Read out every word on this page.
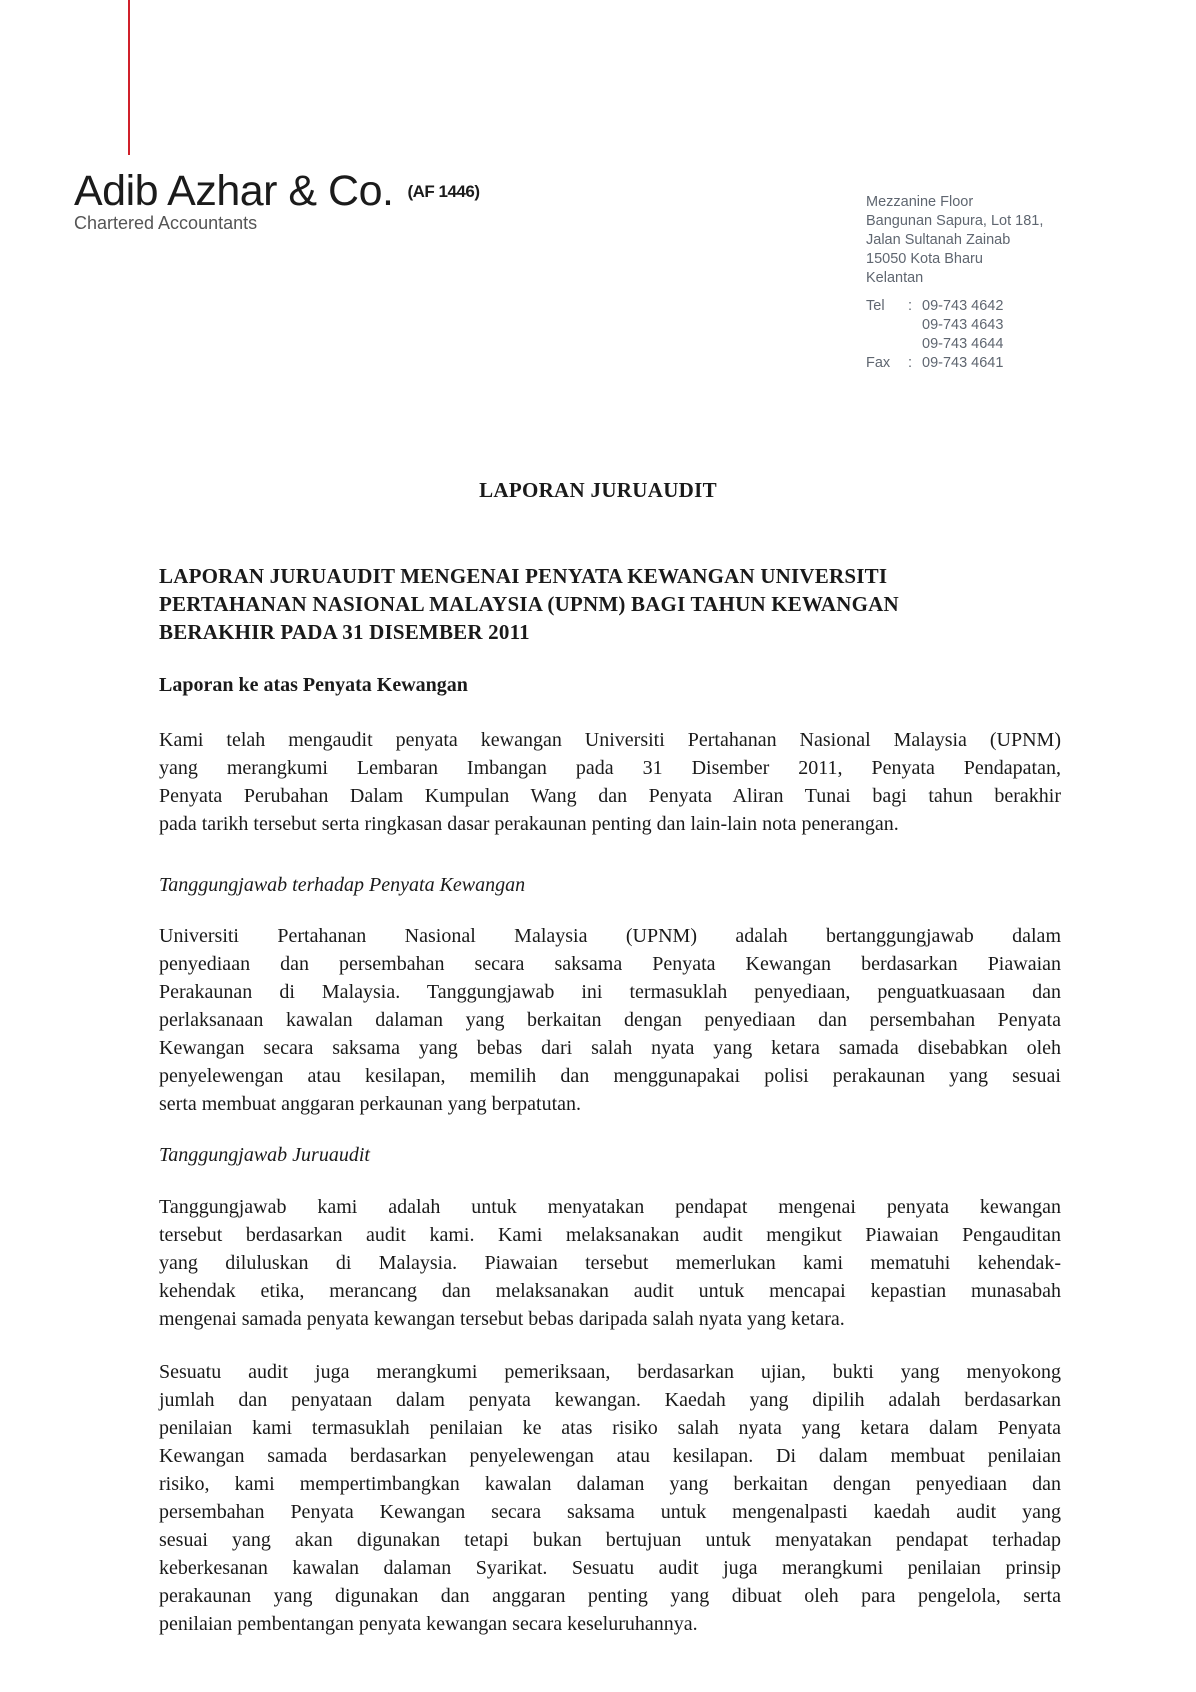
Adib Azhar & Co. (AF 1446)
Chartered Accountants
Mezzanine Floor
Bangunan Sapura, Lot 181,
Jalan Sultanah Zainab
15050 Kota Bharu
Kelantan
Tel	: 09-743 4642
09-743 4643
09-743 4644
Fax	: 09-743 4641
LAPORAN JURUAUDIT
LAPORAN JURUAUDIT MENGENAI PENYATA KEWANGAN UNIVERSITI
PERTAHANAN NASIONAL MALAYSIA (UPNM) BAGI TAHUN KEWANGAN
BERAKHIR PADA 31 DISEMBER 2011
Laporan ke atas Penyata Kewangan
Kami telah mengaudit penyata kewangan Universiti Pertahanan Nasional Malaysia (UPNM)
yang merangkumi Lembaran Imbangan pada 31 Disember 2011, Penyata Pendapatan,
Penyata Perubahan Dalam Kumpulan Wang dan Penyata Aliran Tunai bagi tahun berakhir
pada tarikh tersebut serta ringkasan dasar perakaunan penting dan lain-lain nota penerangan.
Tanggungjawab terhadap Penyata Kewangan
Universiti Pertahanan Nasional Malaysia (UPNM) adalah bertanggungjawab dalam
penyediaan dan persembahan secara saksama Penyata Kewangan berdasarkan Piawaian
Perakaunan di Malaysia. Tanggungjawab ini termasuklah penyediaan, penguatkuasaan dan
perlaksanaan kawalan dalaman yang berkaitan dengan penyediaan dan persembahan Penyata
Kewangan secara saksama yang bebas dari salah nyata yang ketara samada disebabkan oleh
penyelewengan atau kesilapan, memilih dan menggunapakai polisi perakaunan yang sesuai
serta membuat anggaran perkaunan yang berpatutan.
Tanggungjawab Juruaudit
Tanggungjawab kami adalah untuk menyatakan pendapat mengenai penyata kewangan
tersebut berdasarkan audit kami. Kami melaksanakan audit mengikut Piawaian Pengauditan
yang diluluskan di Malaysia. Piawaian tersebut memerlukan kami mematuhi kehendak-
kehendak etika, merancang dan melaksanakan audit untuk mencapai kepastian munasabah
mengenai samada penyata kewangan tersebut bebas daripada salah nyata yang ketara.
Sesuatu audit juga merangkumi pemeriksaan, berdasarkan ujian, bukti yang menyokong
jumlah dan penyataan dalam penyata kewangan. Kaedah yang dipilih adalah berdasarkan
penilaian kami termasuklah penilaian ke atas risiko salah nyata yang ketara dalam Penyata
Kewangan samada berdasarkan penyelewengan atau kesilapan. Di dalam membuat penilaian
risiko, kami mempertimbangkan kawalan dalaman yang berkaitan dengan penyediaan dan
persembahan Penyata Kewangan secara saksama untuk mengenalpasti kaedah audit yang
sesuai yang akan digunakan tetapi bukan bertujuan untuk menyatakan pendapat terhadap
keberkesanan kawalan dalaman Syarikat. Sesuatu audit juga merangkumi penilaian prinsip
perakaunan yang digunakan dan anggaran penting yang dibuat oleh para pengelola, serta
penilaian pembentangan penyata kewangan secara keseluruhannya.
